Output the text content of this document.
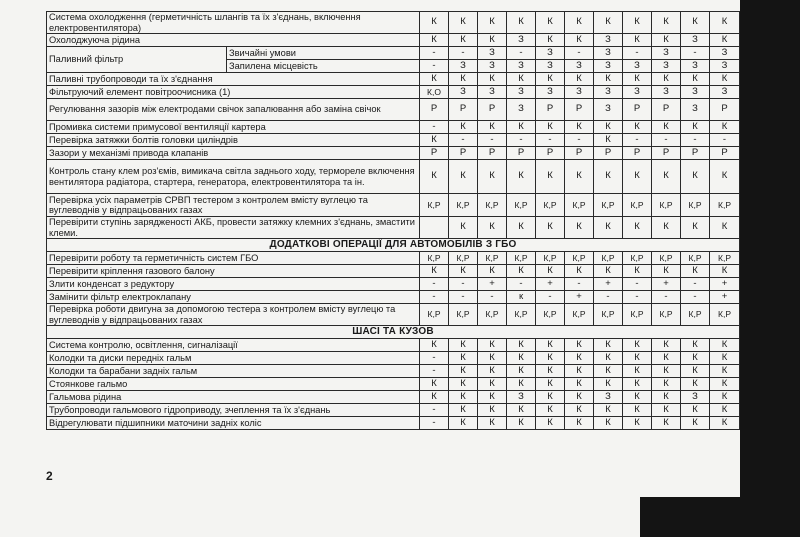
Система охолодження (герметичність шлангів та їх з'єднань, включення електровентилятора)		К	К	К	К	К	К	К	К	К	К	К
Охолоджуюча рідина		К	К	К	З	К	К	З	К	К	З	К
Паливний фільтр	Звичайні умови	-	-	З	-	З	-	З	-	З	-	З
	Запилена місцевість	-	З	З	З	З	З	З	З	З	З	З
Паливні трубопроводи та їх з'єднання		К	К	К	К	К	К	К	К	К	К	К
Фільтруючий елемент повітроочисника (1)		К,О	З	З	З	З	З	З	З	З	З	З
Регулювання зазорів між електродами свічок запалювання або заміна свічок		Р	Р	Р	З	Р	Р	З	Р	Р	З	Р
Промивка системи примусової вентиляції картера		-	К	К	К	К	К	К	К	К	К	К
Перевірка затяжки болтів головки циліндрів		К	-	-	-	-	-	К	-	-	-	-
Зазори у механізмі привода клапанів		Р	Р	Р	Р	Р	Р	Р	Р	Р	Р	Р
Контроль стану клем роз'ємів, вимикача світла заднього ходу, термореле включення вентилятора радіатора, стартера, генератора, електровентилятора та ін.		К	К	К	К	К	К	К	К	К	К	К
Перевірка усіх параметрів СРВП тестером з контролем вмісту вуглецю та вуглеводнів у відпрацьованих газах		К,Р	К,Р	К,Р	К,Р	К,Р	К,Р	К,Р	К,Р	К,Р	К,Р	К,Р
Перевірити ступінь зарядженості АКБ, провести затяжку клемних з'єднань, змастити клеми.			К	К	К	К	К	К	К	К	К	К
ДОДАТКОВІ ОПЕРАЦІЇ ДЛЯ АВТОМОБІЛІВ З ГБО												
Перевірити роботу та герметичність систем ГБО		К,Р	К,Р	К,Р	К,Р	К,Р	К,Р	К,Р	К,Р	К,Р	К,Р	К,Р
Перевірити кріплення газового балону		К	К	К	К	К	К	К	К	К	К	К
Злити конденсат з редуктору		-	-	+	-	+	-	+	-	+	-	+
Замінити фільтр електроклапану		-	-	-	к	-	+	-	-	-	-	+
Перевірка роботи двигуна за допомогою тестера з контролем вмісту вуглецю та вуглеводнів у відпрацьованих газах		К,Р	К,Р	К,Р	К,Р	К,Р	К,Р	К,Р	К,Р	К,Р	К,Р	К,Р
ШАСІ ТА КУЗОВ												
Система контролю, освітлення, сигналізації		К	К	К	К	К	К	К	К	К	К	К
Колодки та диски передніх гальм		-	К	К	К	К	К	К	К	К	К	К
Колодки та барабани задніх гальм		-	К	К	К	К	К	К	К	К	К	К
Стоянкове гальмо		К	К	К	К	К	К	К	К	К	К	К
Гальмова рідина		К	К	К	З	К	К	З	К	К	З	К
Трубопроводи гальмового гідроприводу, зчеплення та їх з'єднань		-	К	К	К	К	К	К	К	К	К	К
Відрегулювати підшипники маточини задніх коліс		-	К	К	К	К	К	К	К	К	К	К
2
